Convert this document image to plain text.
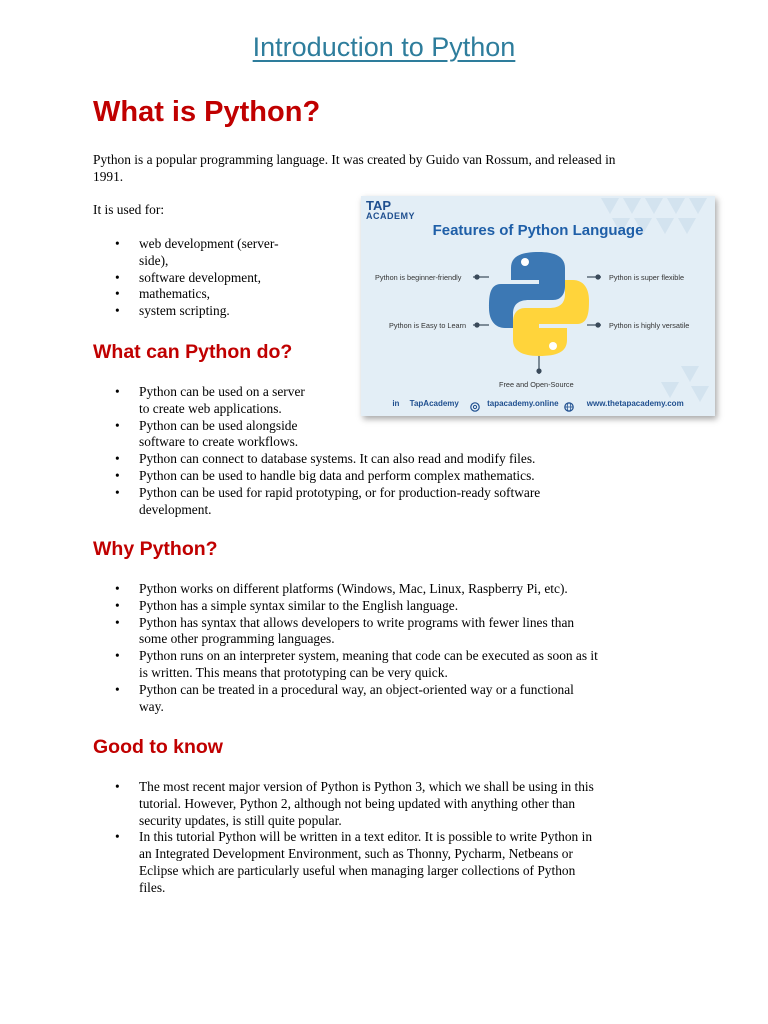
Introduction to Python
What is Python?

Python is a popular programming language. It was created by Guido van Rossum, and released in
1991.

It is used for:

• web development (server-
side),
• software development,
• mathematics,
• system scripting.
TAP
ACADEMY
Features of Python Language
Python is beginner-friendly
Python is Easy to Learn
Python is super flexible
Python is highly versatile
Free and Open-Source
in TapAcademy	tapacademy.online	www.thetapacademy.com
What can Python do?
• Python can be used on a server
to create web applications.
• Python can be used alongside
software to create workflows.
• Python can connect to database systems. It can also read and modify files.
• Python can be used to handle big data and perform complex mathematics.
• Python can be used for rapid prototyping, or for production-ready software
development.
Why Python?
• Python works on different platforms (Windows, Mac, Linux, Raspberry Pi, etc).
• Python has a simple syntax similar to the English language.
• Python has syntax that allows developers to write programs with fewer lines than
some other programming languages.
• Python runs on an interpreter system, meaning that code can be executed as soon as it
is written. This means that prototyping can be very quick.
• Python can be treated in a procedural way, an object-oriented way or a functional
way.
Good to know
• The most recent major version of Python is Python 3, which we shall be using in this
tutorial. However, Python 2, although not being updated with anything other than
security updates, is still quite popular.
• In this tutorial Python will be written in a text editor. It is possible to write Python in
an Integrated Development Environment, such as Thonny, Pycharm, Netbeans or
Eclipse which are particularly useful when managing larger collections of Python
files.
